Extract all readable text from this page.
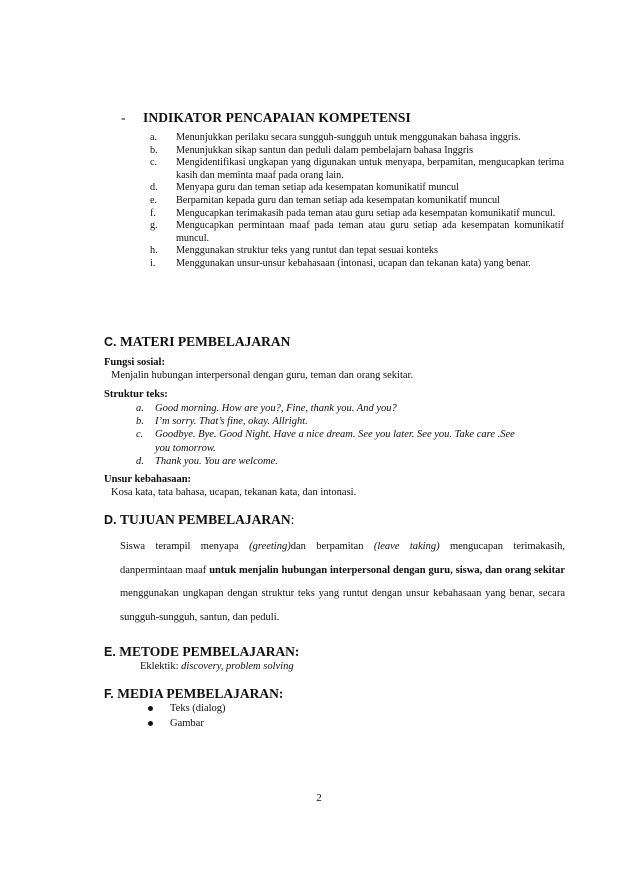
- INDIKATOR PENCAPAIAN KOMPETENSI
a.	Menunjukkan perilaku secara sungguh-sungguh untuk menggunakan bahasa inggris.
b.	Menunjukkan sikap santun dan peduli dalam pembelajarn bahasa Inggris
c.	Mengidentifikasi ungkapan yang digunakan untuk menyapa, berpamitan, mengucapkan terima kasih dan meminta maaf pada orang lain.
d.	Menyapa guru dan teman setiap ada kesempatan komunikatif muncul
e.	Berpamitan kepada guru dan teman setiap ada kesempatan komunikatif muncul
f.	Mengucapkan terimakasih pada teman atau guru setiap ada kesempatan komunikatif muncul.
g.	Mengucapkan permintaan maaf pada teman atau guru setiap ada kesempatan komunikatif muncul.
h.	Menggunakan struktur teks yang runtut dan tepat sesuai konteks
i.	Menggunakan unsur-unsur kebahasaan (intonasi, ucapan dan tekanan kata) yang benar.
C. MATERI PEMBELAJARAN
Fungsi sosial:
Menjalin hubungan interpersonal dengan guru, teman dan orang sekitar.
Struktur teks:
a.	Good morning. How are you?, Fine, thank you. And you?
b.	I’m sorry. That’s fine, okay. Allright.
c.	Goodbye. Bye. Good Night. Have a nice dream. See you later. See you. Take care .See you tomorrow.
d.	Thank you. You are welcome.
Unsur kebahasaan:
Kosa kata, tata bahasa, ucapan, tekanan kata, dan intonasi.
D. TUJUAN PEMBELAJARAN:
Siswa terampil menyapa (greeting)dan berpamitan (leave taking) mengucapan terimakasih, danpermintaan maaf untuk menjalin hubungan interpersonal dengan guru, siswa, dan orang sekitar menggunakan ungkapan dengan struktur teks yang runtut dengan unsur kebahasaan yang benar, secara sungguh-sungguh, santun, dan peduli.
E. METODE PEMBELAJARAN:
Eklektik: discovery, problem solving
F. MEDIA PEMBELAJARAN:
Teks (dialog)
Gambar
2
